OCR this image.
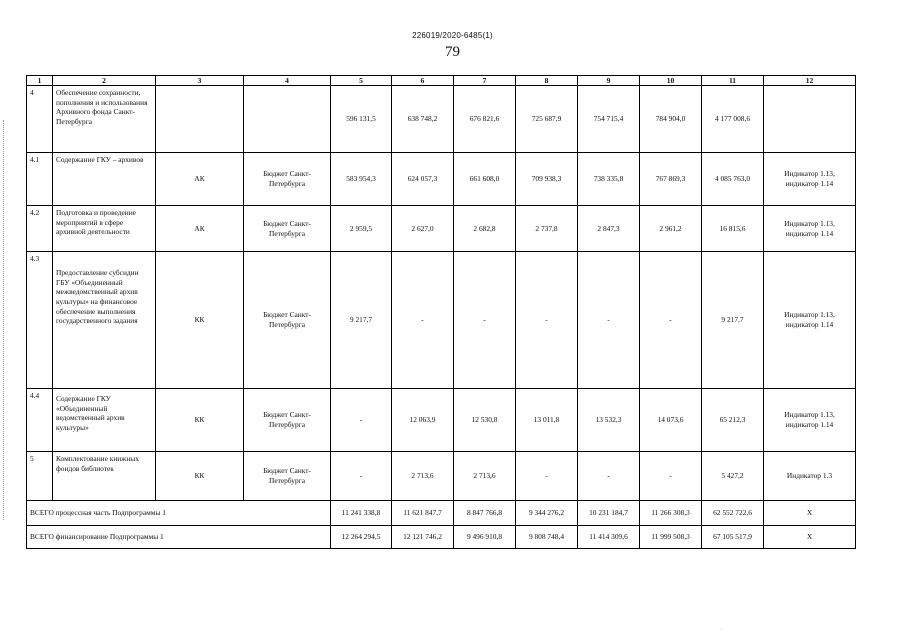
226019/2020-6485(1)
79
1	2	3	4	5	6	7	8	9	10	11	12
4	Обеспечение сохранности, пополнения и использования Архивного фонда Санкт-Петербурга			596 131,5	638 748,2	676 821,6	725 687,9	754 715,4	784 904,0	4 177 008,6	
4.1	Содержание ГКУ – архивов	АК	Бюджет Санкт-Петербурга	583 954,3	624 057,3	661 608,0	709 938,3	738 335,8	767 869,3	4 085 763,0	Индикатор 1.13, индикатор 1.14
4.2	Подготовка и проведение мероприятий в сфере архивной деятельности	АК	Бюджет Санкт-Петербурга	2 959,5	2 627,0	2 682,8	2 737,8	2 847,3	2 961,2	16 815,6	Индикатор 1.13, индикатор 1.14
4.3	Предоставление субсидии ГБУ «Объединенный межведомственный архив культуры» на финансовое обеспечение выполнения государственного задания	КК	Бюджет Санкт-Петербурга	9 217,7	-	-	-	-	-	9 217,7	Индикатор 1.13, индикатор 1.14
4.4	Содержание ГКУ «Объединенный ведомственный архив культуры»	КК	Бюджет Санкт-Петербурга	-	12 063,9	12 530,8	13 011,8	13 532,3	14 073,6	65 212,3	Индикатор 1.13, индикатор 1.14
5	Комплектование книжных фондов библиотек	КК	Бюджет Санкт-Петербурга	-	2 713,6	2 713,6	-	-	-	5 427,2	Индикатор 1.3
ВСЕГО процессная часть Подпрограммы 1				11 241 338,8	11 621 847,7	8 847 766,8	9 344 276,2	10 231 184,7	11 266 308,3	62 552 722,6	X
ВСЕГО финансирование Подпрограммы 1				12 264 294,5	12 121 746,2	9 496 910,8	9 808 748,4	11 414 309,6	11 999 508,3	67 105 517,9	X
·
